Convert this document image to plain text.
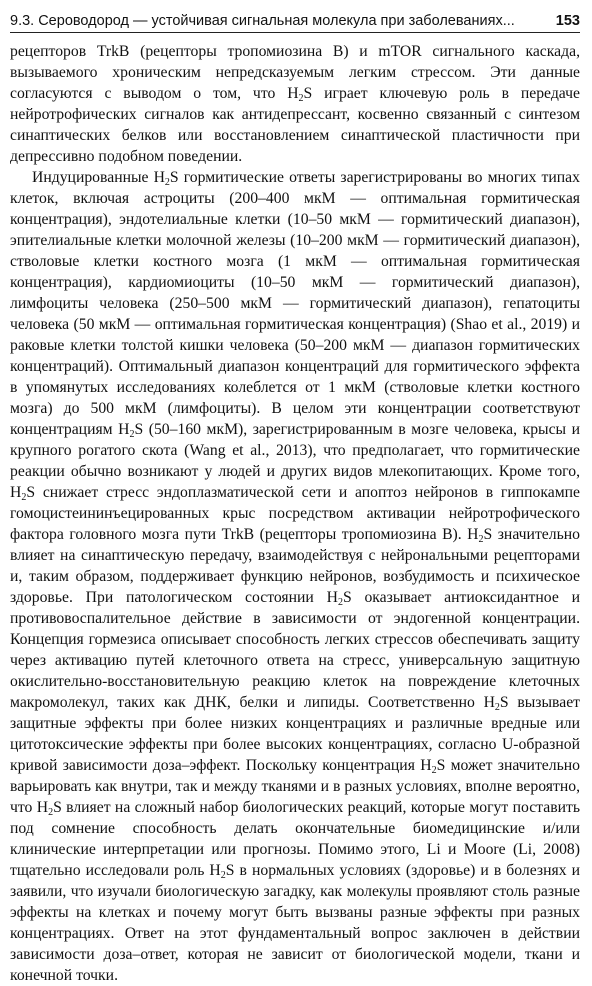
9.3. Сероводород — устойчивая сигнальная молекула при заболеваниях...	153

рецепторов TrkB (рецепторы тропомиозина B) и mTOR сигнального каскада, вызываемого хроническим непредсказуемым легким стрессом. Эти данные согласуются с выводом о том, что $H_2S$ играет ключевую роль в передаче нейротрофических сигналов как антидепрессант, косвенно связанный с синтезом синаптических белков или восстановлением синаптической пластичности при депрессивно подобном поведении.

Индуцированные $H_2S$ гормитические ответы зарегистрированы во многих типах клеток, включая астроциты (200–400 мкМ — оптимальная гормитическая концентрация), эндотелиальные клетки (10–50 мкМ — гормитический диапазон), эпителиальные клетки молочной железы (10–200 мкМ — гормитический диапазон), стволовые клетки костного мозга (1 мкМ — оптимальная гормитическая концентрация), кардиомиоциты (10–50 мкМ — гормитический диапазон), лимфоциты человека (250–500 мкМ — гормитический диапазон), гепатоциты человека (50 мкМ — оптимальная гормитическая концентрация) (Shao et al., 2019) и раковые клетки толстой кишки человека (50–200 мкМ — диапазон гормитических концентраций). Оптимальный диапазон концентраций для гормитического эффекта в упомянутых исследованиях колеблется от 1 мкМ (стволовые клетки костного мозга) до 500 мкМ (лимфоциты). В целом эти концентрации соответствуют концентрациям $H_2S$ (50–160 мкМ), зарегистрированным в мозге человека, крысы и крупного рогатого скота (Wang et al., 2013), что предполагает, что гормитические реакции обычно возникают у людей и других видов млекопитающих. Кроме того, $H_2S$ снижает стресс эндоплазматической сети и апоптоз нейронов в гиппокампе гомоцистеининъецированных крыс посредством активации нейротрофического фактора головного мозга пути TrkB (рецепторы тропомиозина B). $H_2S$ значительно влияет на синаптическую передачу, взаимодействуя с нейрональными рецепторами и, таким образом, поддерживает функцию нейронов, возбудимость и психическое здоровье. При патологическом состоянии $H_2S$ оказывает антиоксидантное и противовоспалительное действие в зависимости от эндогенной концентрации. Концепция гормезиса описывает способность легких стрессов обеспечивать защиту через активацию путей клеточного ответа на стресс, универсальную защитную окислительно-восстановительную реакцию клеток на повреждение клеточных макромолекул, таких как ДНК, белки и липиды. Соответственно $H_2S$ вызывает защитные эффекты при более низких концентрациях и различные вредные или цитотоксические эффекты при более высоких концентрациях, согласно U-образной кривой зависимости доза–эффект. Поскольку концентрация $H_2S$ может значительно варьировать как внутри, так и между тканями и в разных условиях, вполне вероятно, что $H_2S$ влияет на сложный набор биологических реакций, которые могут поставить под сомнение способность делать окончательные биомедицинские и/или клинические интерпретации или прогнозы. Помимо этого, Li и Moore (Li, 2008) тщательно исследовали роль $H_2S$ в нормальных условиях (здоровье) и в болезнях и заявили, что изучали биологическую загадку, как молекулы проявляют столь разные эффекты на клетках и почему могут быть вызваны разные эффекты при разных концентрациях. Ответ на этот фундаментальный вопрос заключен в действии зависимости доза–ответ, которая не зависит от биологической модели, ткани и конечной точки.
